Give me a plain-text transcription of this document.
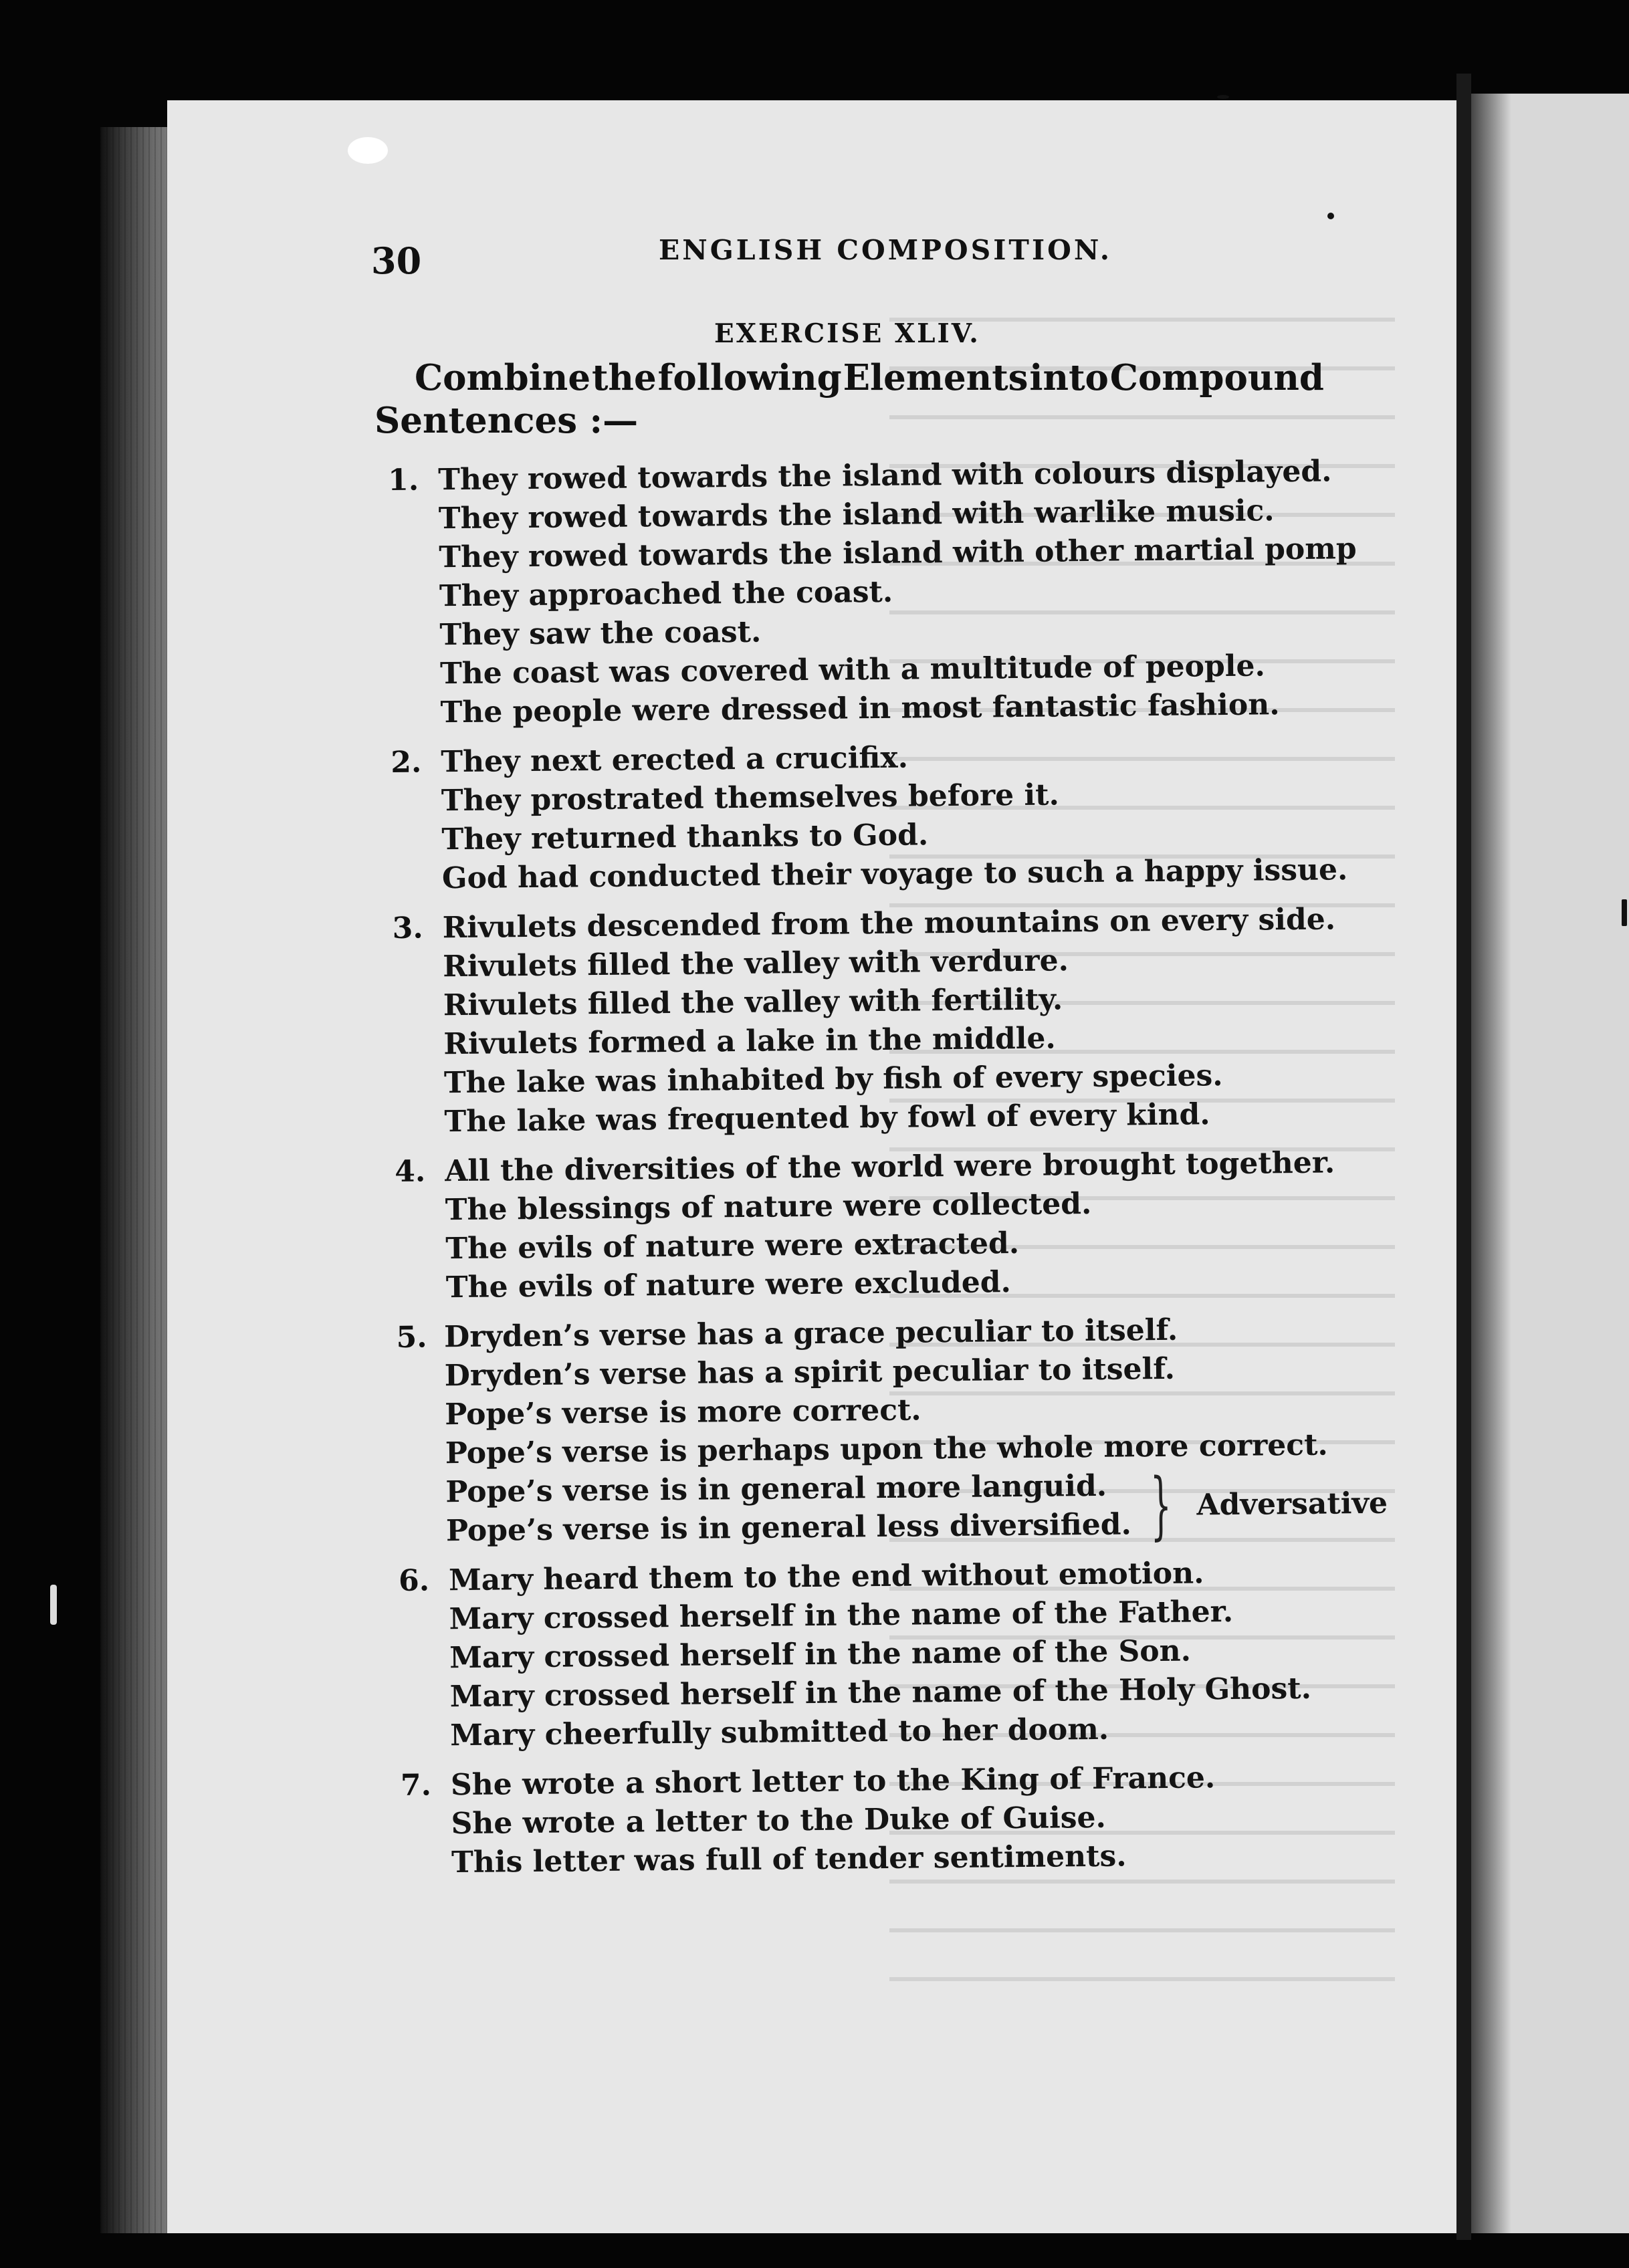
30	ENGLISH COMPOSITION.
EXERCISE XLIV.
Combine the following Elements into Compound
Sentences :—
1. They rowed towards the island with colours displayed.
They rowed towards the island with warlike music.
They rowed towards the island with other martial pomp
They approached the coast.
They saw the coast.
The coast was covered with a multitude of people.
The people were dressed in most fantastic fashion.
2. They next erected a crucifix.
They prostrated themselves before it.
They returned thanks to God.
God had conducted their voyage to such a happy issue.
3. Rivulets descended from the mountains on every side.
Rivulets filled the valley with verdure.
Rivulets filled the valley with fertility.
Rivulets formed a lake in the middle.
The lake was inhabited by fish of every species.
The lake was frequented by fowl of every kind.
4. All the diversities of the world were brought together.
The blessings of nature were collected.
The evils of nature were extracted.
The evils of nature were excluded.
5. Dryden’s verse has a grace peculiar to itself.
Dryden’s verse has a spirit peculiar to itself.
Pope’s verse is more correct.
Pope’s verse is perhaps upon the whole more correct.
Pope’s verse is in general more languid.
Pope’s verse is in general less diversified. } Adversative
6. Mary heard them to the end without emotion.
Mary crossed herself in the name of the Father.
Mary crossed herself in the name of the Son.
Mary crossed herself in the name of the Holy Ghost.
Mary cheerfully submitted to her doom.
7. She wrote a short letter to the King of France.
She wrote a letter to the Duke of Guise.
This letter was full of tender sentiments.
